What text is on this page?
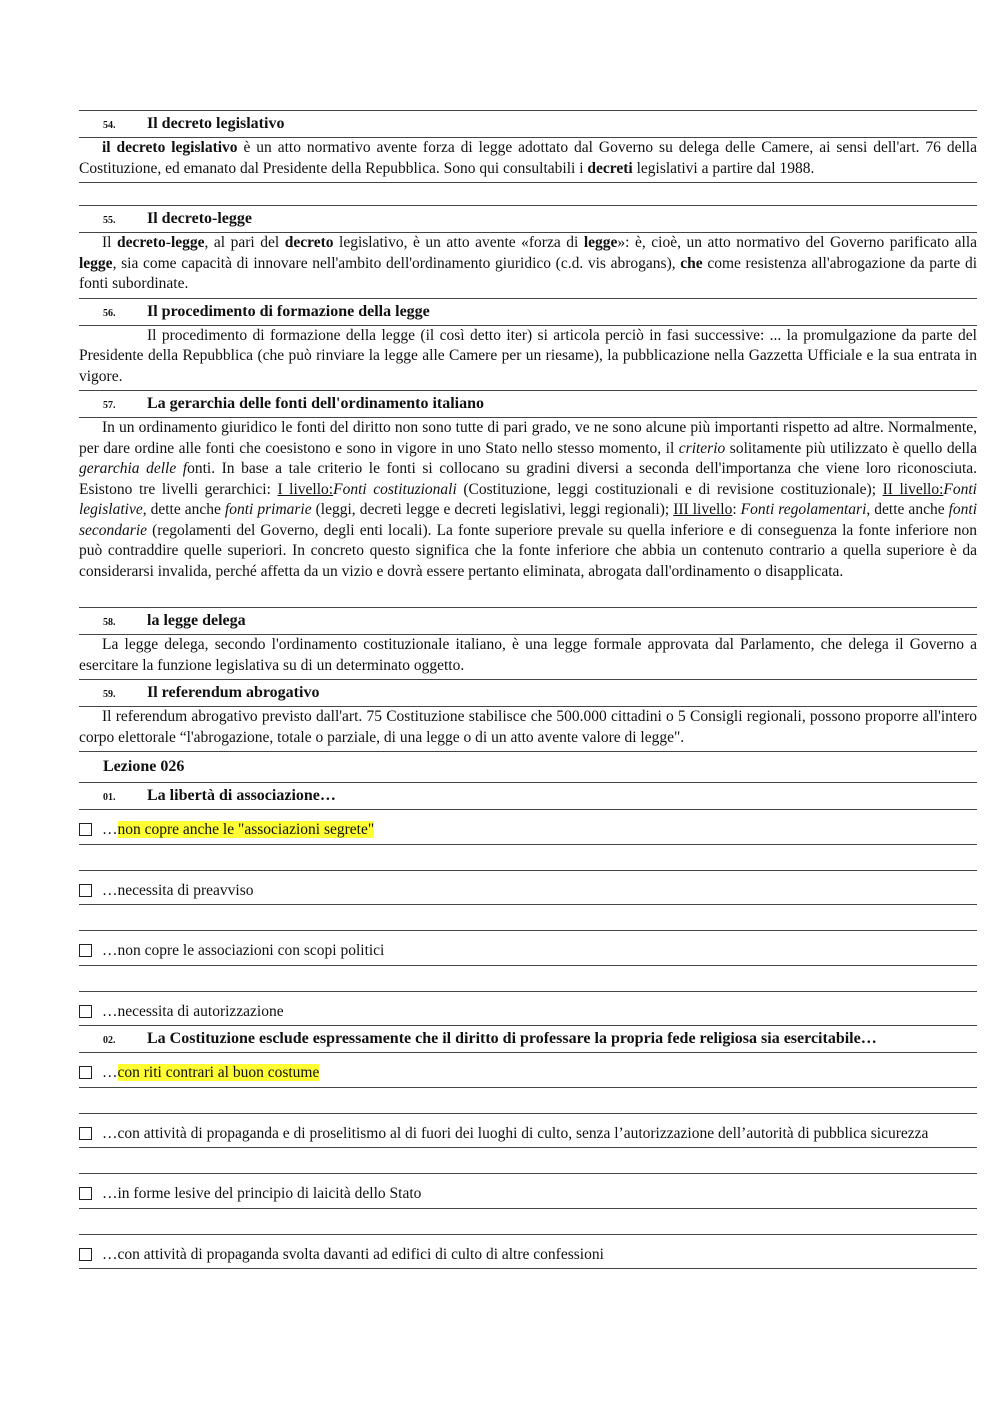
54.	Il decreto legislativo
il decreto legislativo è un atto normativo avente forza di legge adottato dal Governo su delega delle Camere, ai sensi dell'art. 76 della Costituzione, ed emanato dal Presidente della Repubblica. Sono qui consultabili i decreti legislativi a partire dal 1988.
55.	Il decreto-legge
Il decreto-legge, al pari del decreto legislativo, è un atto avente «forza di legge»: è, cioè, un atto normativo del Governo parificato alla legge, sia come capacità di innovare nell'ambito dell'ordinamento giuridico (c.d. vis abrogans), che come resistenza all'abrogazione da parte di fonti subordinate.
56.	Il procedimento di formazione della legge
Il procedimento di formazione della legge (il così detto iter) si articola perciò in fasi successive: ... la promulgazione da parte del Presidente della Repubblica (che può rinviare la legge alle Camere per un riesame), la pubblicazione nella Gazzetta Ufficiale e la sua entrata in vigore.
57.	La gerarchia delle fonti dell'ordinamento italiano
In un ordinamento giuridico le fonti del diritto non sono tutte di pari grado, ve ne sono alcune più importanti rispetto ad altre. Normalmente, per dare ordine alle fonti che coesistono e sono in vigore in uno Stato nello stesso momento, il criterio solitamente più utilizzato è quello della gerarchia delle fonti. In base a tale criterio le fonti si collocano su gradini diversi a seconda dell'importanza che viene loro riconosciuta. Esistono tre livelli gerarchici: I livello:Fonti costituzionali (Costituzione, leggi costituzionali e di revisione costituzionale); II livello:Fonti legislative, dette anche fonti primarie (leggi, decreti legge e decreti legislativi, leggi regionali); III livello: Fonti regolamentari, dette anche fonti secondarie (regolamenti del Governo, degli enti locali). La fonte superiore prevale su quella inferiore e di conseguenza la fonte inferiore non può contraddire quelle superiori. In concreto questo significa che la fonte inferiore che abbia un contenuto contrario a quella superiore è da considerarsi invalida, perché affetta da un vizio e dovrà essere pertanto eliminata, abrogata dall'ordinamento o disapplicata.
58.	la legge delega
La legge delega, secondo l'ordinamento costituzionale italiano, è una legge formale approvata dal Parlamento, che delega il Governo a esercitare la funzione legislativa su di un determinato oggetto.
59.	Il referendum abrogativo
Il referendum abrogativo previsto dall'art. 75 Costituzione stabilisce che 500.000 cittadini o 5 Consigli regionali, possono proporre all'intero corpo elettorale “l'abrogazione, totale o parziale, di una legge o di un atto avente valore di legge".
Lezione 026
01.	La libertà di associazione…
…non copre anche le "associazioni segrete"
…necessita di preavviso
…non copre le associazioni con scopi politici
…necessita di autorizzazione
02.	La Costituzione esclude espressamente che il diritto di professare la propria fede religiosa sia esercitabile…
…con riti contrari al buon costume
…con attività di propaganda e di proselitismo al di fuori dei luoghi di culto, senza l’autorizzazione dell’autorità di pubblica sicurezza
…in forme lesive del principio di laicità dello Stato
…con attività di propaganda svolta davanti ad edifici di culto di altre confessioni
